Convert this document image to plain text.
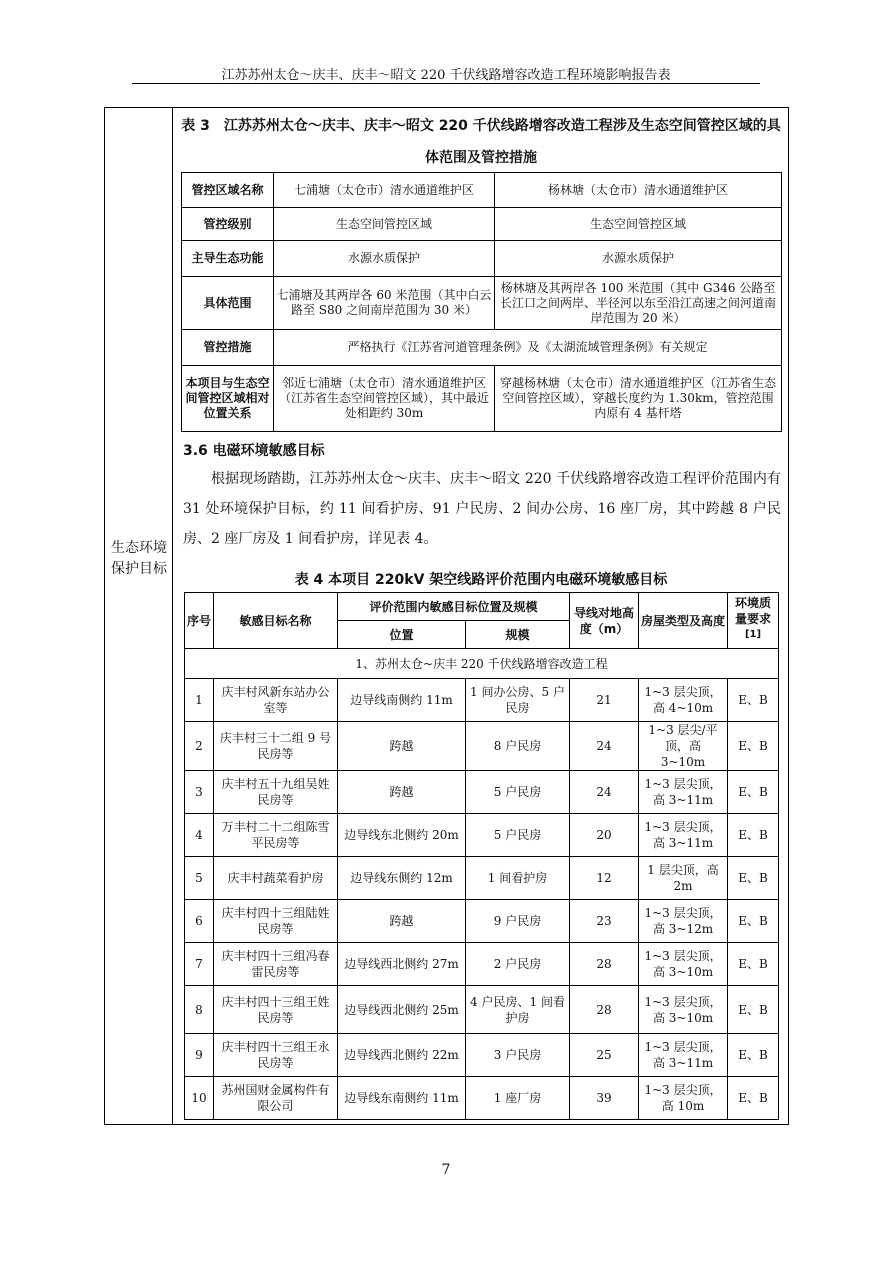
江苏苏州太仓～庆丰、庆丰～昭文 220 千伏线路增容改造工程环境影响报告表
生态环境保护目标
表 3　江苏苏州太仓～庆丰、庆丰～昭文 220 千伏线路增容改造工程涉及生态空间管控区域的具体范围及管控措施
管控区域名称	七浦塘（太仓市）清水通道维护区	杨林塘（太仓市）清水通道维护区
管控级别	生态空间管控区域	生态空间管控区域
主导生态功能	水源水质保护	水源水质保护
具体范围	七浦塘及其两岸各 60 米范围（其中白云路至 S80 之间南岸范围为 30 米）	杨林塘及其两岸各 100 米范围（其中 G346 公路至长江口之间两岸、半径河以东至沿江高速之间河道南岸范围为 20 米）
管控措施	严格执行《江苏省河道管理条例》及《太湖流域管理条例》有关规定	
本项目与生态空间管控区域相对位置关系	邻近七浦塘（太仓市）清水通道维护区（江苏省生态空间管控区域），其中最近处相距约 30m	穿越杨林塘（太仓市）清水通道维护区（江苏省生态空间管控区域），穿越长度约为 1.30km，管控范围内原有 4 基杆塔
3.6 电磁环境敏感目标
根据现场踏勘，江苏苏州太仓～庆丰、庆丰～昭文 220 千伏线路增容改造工程评价范围内有 31 处环境保护目标，约 11 间看护房、91 户民房、2 间办公房、16 座厂房，其中跨越 8 户民房、2 座厂房及 1 间看护房，详见表 4。
表 4 本项目 220kV 架空线路评价范围内电磁环境敏感目标
序号	敏感目标名称	评价范围内敏感目标位置及规模		导线对地高度（m）	房屋类型及高度	环境质量要求[1]
		位置	规模			
1、苏州太仓~庆丰 220 千伏线路增容改造工程						
1	庆丰村风新东站办公室等	边导线南侧约 11m	1 间办公房、5 户民房	21	1~3 层尖顶，高 4~10m	E、B
2	庆丰村三十二组 9 号民房等	跨越	8 户民房	24	1~3 层尖/平顶，高 3~10m	E、B
3	庆丰村五十九组吴姓民房等	跨越	5 户民房	24	1~3 层尖顶，高 3~11m	E、B
4	万丰村二十二组陈雪平民房等	边导线东北侧约 20m	5 户民房	20	1~3 层尖顶，高 3~11m	E、B
5	庆丰村蔬菜看护房	边导线东侧约 12m	1 间看护房	12	1 层尖顶，高 2m	E、B
6	庆丰村四十三组陆姓民房等	跨越	9 户民房	23	1~3 层尖顶，高 3~12m	E、B
7	庆丰村四十三组冯春雷民房等	边导线西北侧约 27m	2 户民房	28	1~3 层尖顶，高 3~10m	E、B
8	庆丰村四十三组王姓民房等	边导线西北侧约 25m	4 户民房、1 间看护房	28	1~3 层尖顶，高 3~10m	E、B
9	庆丰村四十三组王永民房等	边导线西北侧约 22m	3 户民房	25	1~3 层尖顶，高 3~11m	E、B
10	苏州国财金属构件有限公司	边导线东南侧约 11m	1 座厂房	39	1~3 层尖顶，高 10m	E、B
7
